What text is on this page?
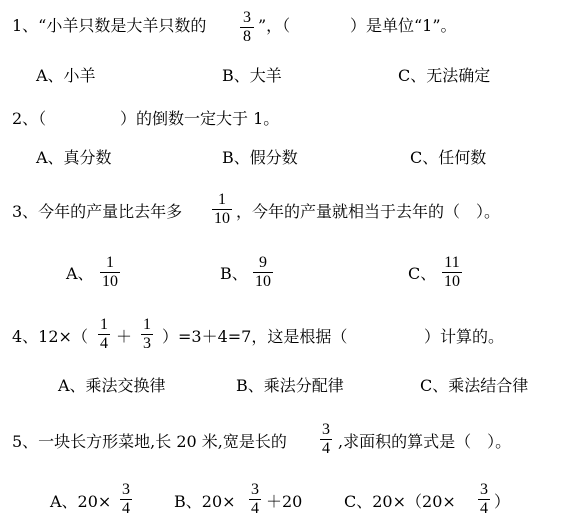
1、“小羊只数是大羊只数的 3
8
”，（	）是单位“1”。
A、小羊	B、大羊	C、无法确定
2、（	）的倒数一定大于 1。
A、真分数	B、假分数	C、任何数
3、今年的产量比去年多
1
10 ，今年的产量就相当于去年的（　）。
A、
1
10	B、
9
10	C、
11
10
4、12×（
1
4 ＋
1
3 ）=3＋4=7，这是根据（	）计算的。
A、乘法交换律	B、乘法分配律	C、乘法结合律
5、一块长方形菜地,长 20 米,宽是长的
3
4 ,求面积的算式是（　）。
A、20×
3
4	B、20×
3
4 ＋20	C、20×（20×
3
4 ）
